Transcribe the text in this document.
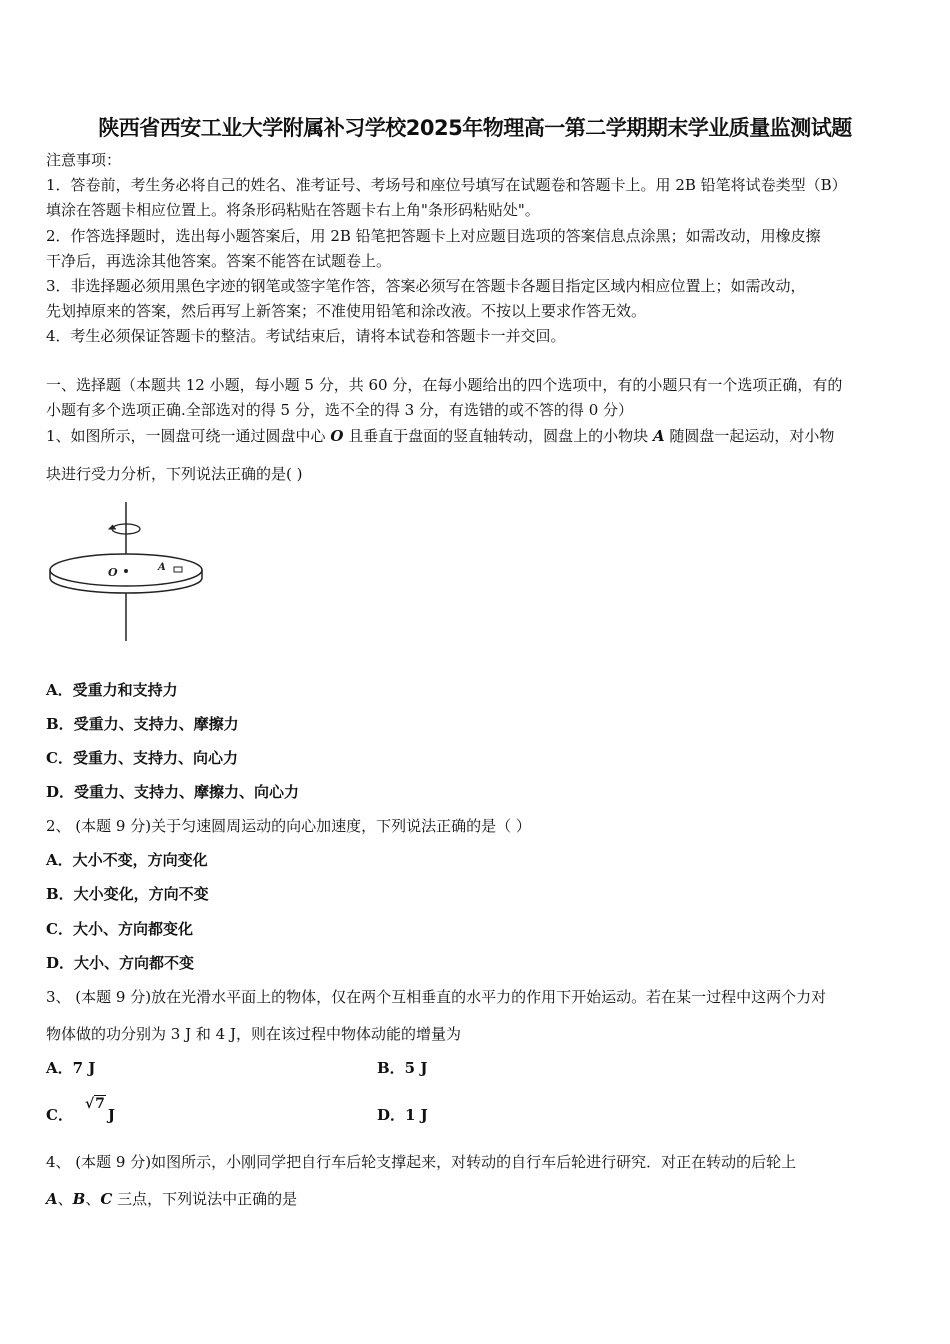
陕西省西安工业大学附属补习学校2025年物理高一第二学期期末学业质量监测试题
注意事项：
1．答卷前，考生务必将自己的姓名、准考证号、考场号和座位号填写在试题卷和答题卡上。用 2B 铅笔将试卷类型（B）
填涂在答题卡相应位置上。将条形码粘贴在答题卡右上角"条形码粘贴处"。
2．作答选择题时，选出每小题答案后，用 2B 铅笔把答题卡上对应题目选项的答案信息点涂黑；如需改动，用橡皮擦
干净后，再选涂其他答案。答案不能答在试题卷上。
3．非选择题必须用黑色字迹的钢笔或签字笔作答，答案必须写在答题卡各题目指定区域内相应位置上；如需改动，
先划掉原来的答案，然后再写上新答案；不准使用铅笔和涂改液。不按以上要求作答无效。
4．考生必须保证答题卡的整洁。考试结束后，请将本试卷和答题卡一并交回。
一、选择题（本题共 12 小题，每小题 5 分，共 60 分，在每小题给出的四个选项中，有的小题只有一个选项正确，有的
小题有多个选项正确.全部选对的得 5 分，选不全的得 3 分，有选错的或不答的得 0 分）
1、如图所示，一圆盘可绕一通过圆盘中心 O 且垂直于盘面的竖直轴转动，圆盘上的小物块 A 随圆盘一起运动，对小物
块进行受力分析，下列说法正确的是( )
O	A
A．受重力和支持力
B．受重力、支持力、摩擦力
C．受重力、支持力、向心力
D．受重力、支持力、摩擦力、向心力
2、 (本题 9 分)关于匀速圆周运动的向心加速度，下列说法正确的是（ ）
A．大小不变，方向变化
B．大小变化，方向不变
C．大小、方向都变化
D．大小、方向都不变
3、 (本题 9 分)放在光滑水平面上的物体，仅在两个互相垂直的水平力的作用下开始运动。若在某一过程中这两个力对
物体做的功分别为 3 J 和 4 J，则在该过程中物体动能的增量为
A．7 J	B．5 J
C．√7J	D．1 J
4、 (本题 9 分)如图所示，小刚同学把自行车后轮支撑起来，对转动的自行车后轮进行研究．对正在转动的后轮上
A、B、C 三点，下列说法中正确的是
